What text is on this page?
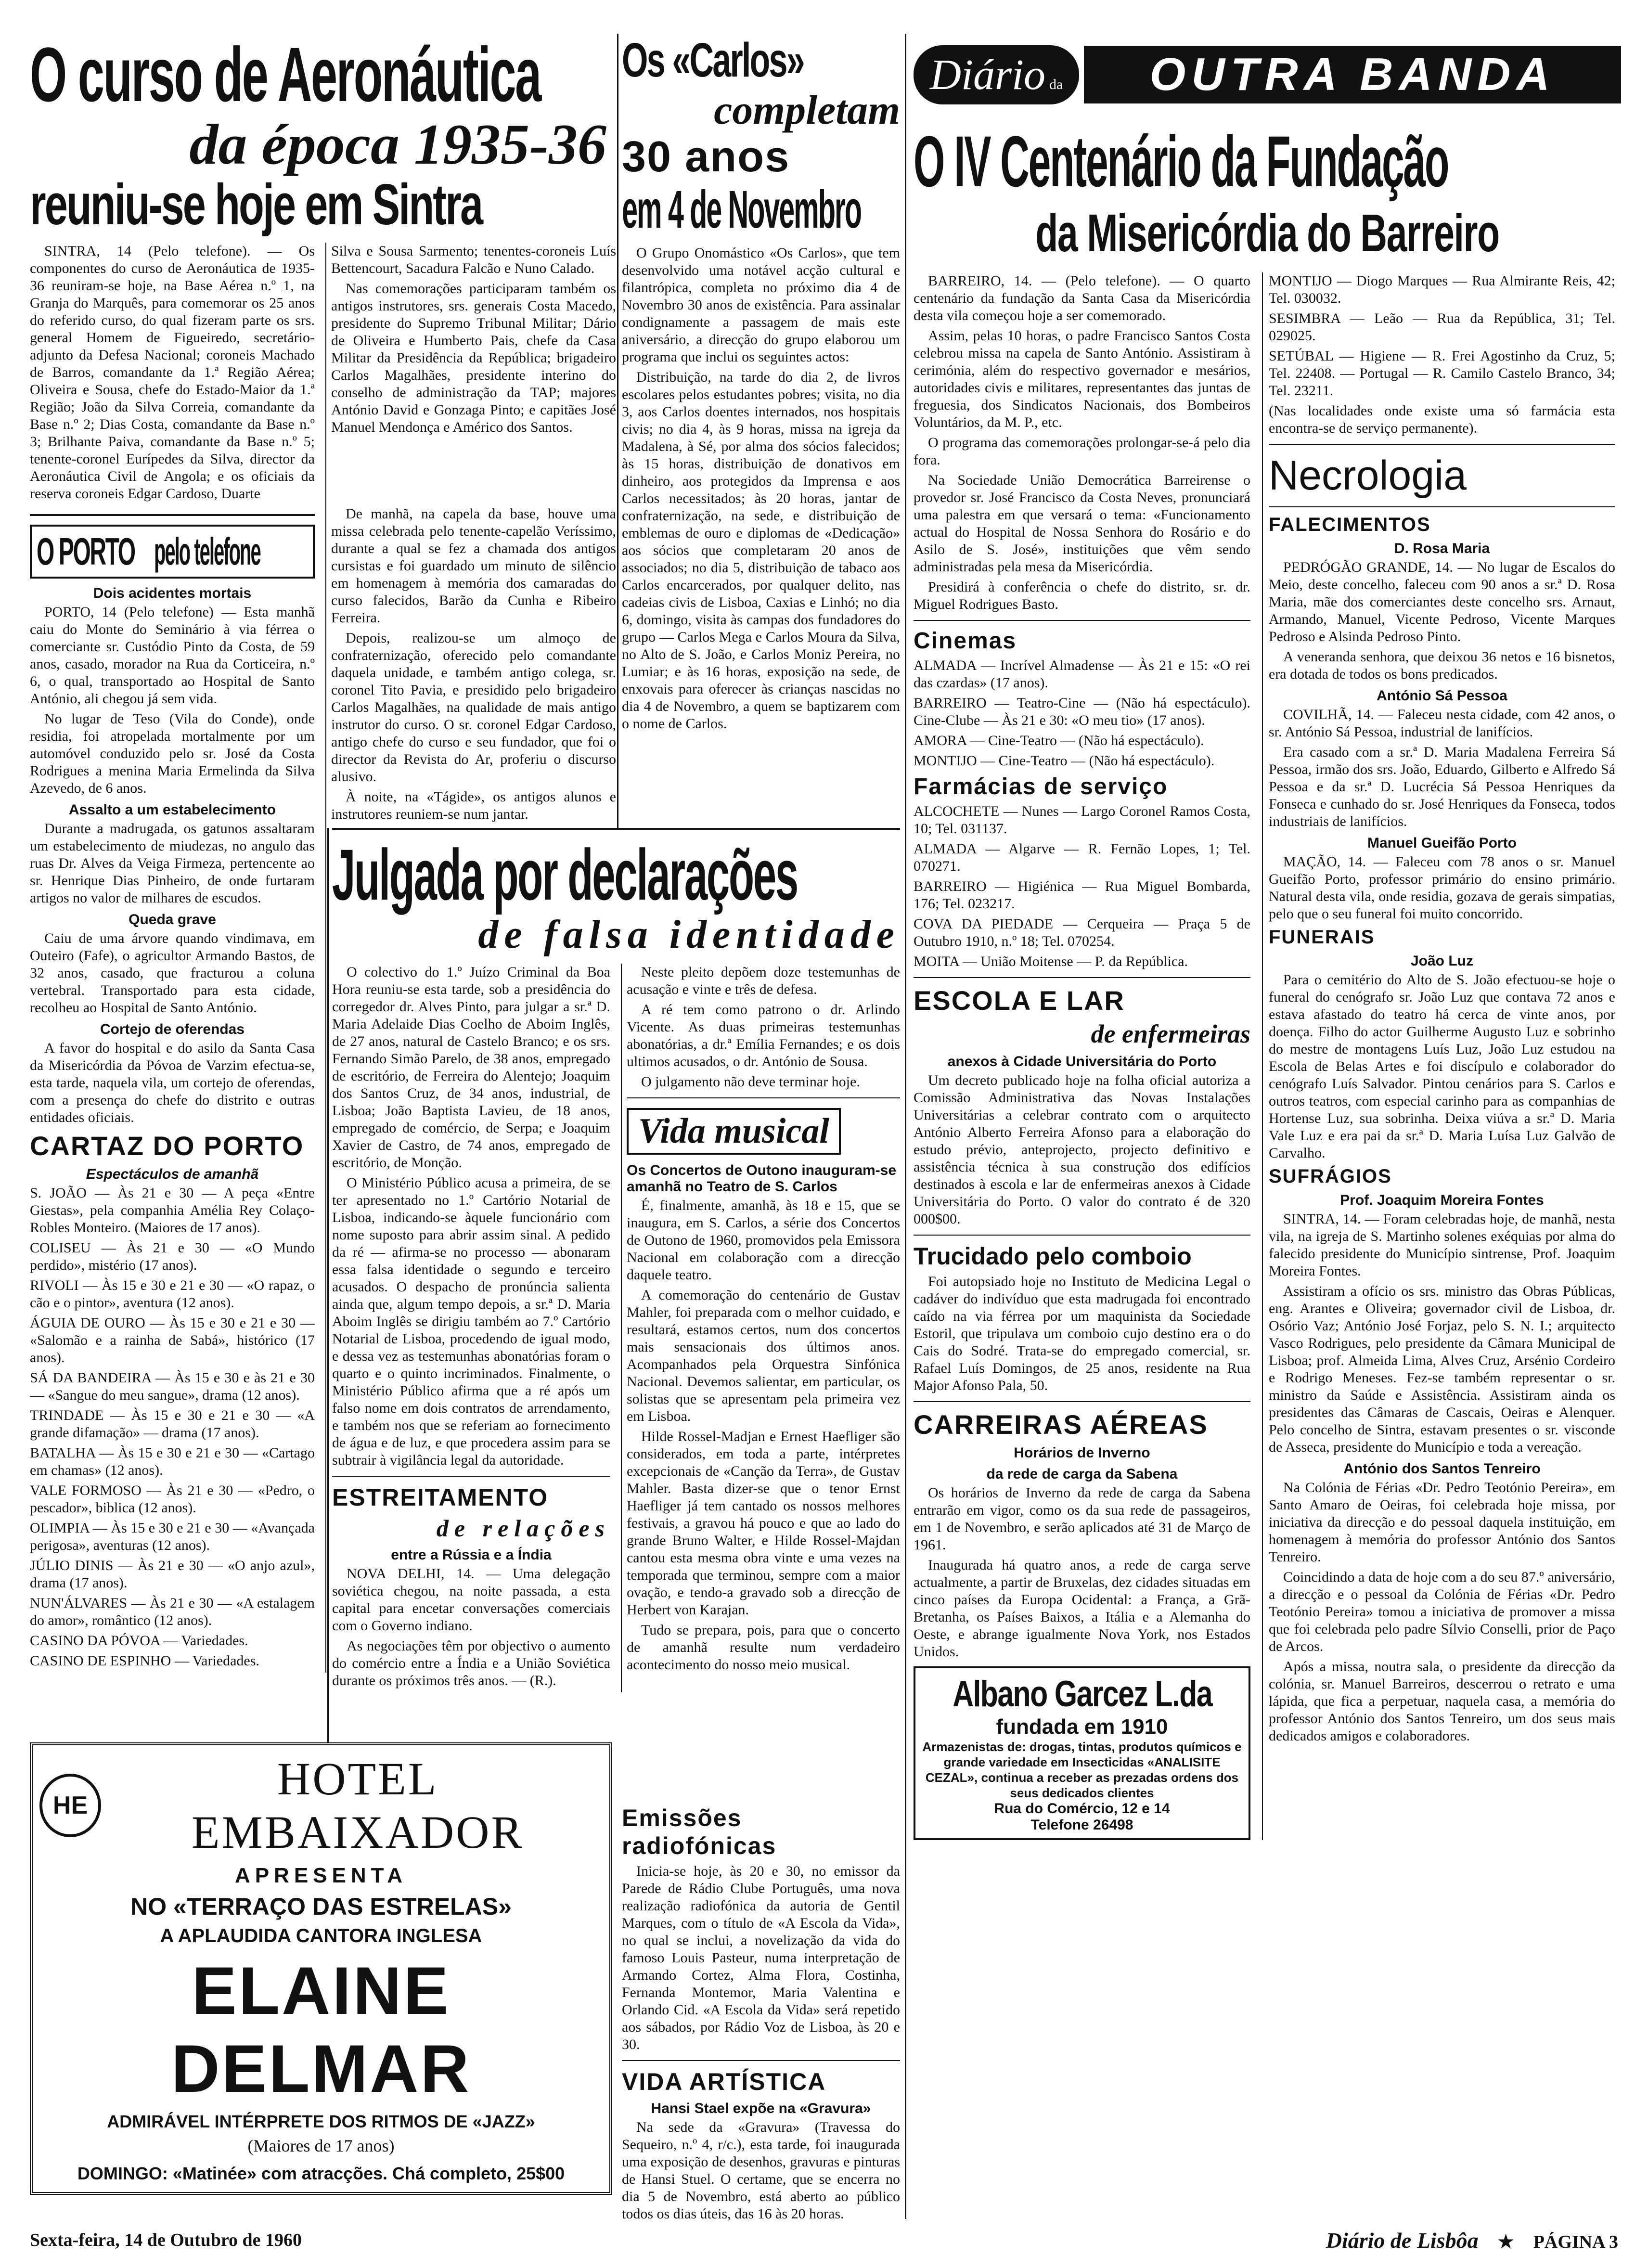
O curso de Aeronáutica
da época 1935-36
reuniu-se hoje em Sintra

SINTRA, 14 (Pelo telefone). — Os componentes do curso de Aeronáutica de 1935-36 reuniram-se hoje, na Base Aérea n.º 1, na Granja do Marquês, para comemorar os 25 anos do referido curso, do qual fizeram parte os srs. general Homem de Figueiredo, secretário-adjunto da Defesa Nacional; coroneis Machado de Barros, comandante da 1.ª Região Aérea; Oliveira e Sousa, chefe do Estado-Maior da 1.ª Região; João da Silva Correia, comandante da Base n.º 2; Dias Costa, comandante da Base n.º 3; Brilhante Paiva, comandante da Base n.º 5; tenente-coronel Eurípedes da Silva, director da Aeronáutica Civil de Angola; e os oficiais da reserva coroneis Edgar Cardoso, Duarte

Silva e Sousa Sarmento; tenentes-coroneis Luís Bettencourt, Sacadura Falcão e Nuno Calado.

Nas comemorações participaram também os antigos instrutores, srs. generais Costa Macedo, presidente do Supremo Tribunal Militar; Dário de Oliveira e Humberto Pais, chefe da Casa Militar da Presidência da República; brigadeiro Carlos Magalhães, presidente interino do conselho de administração da TAP; majores António David e Gonzaga Pinto; e capitães José Manuel Mendonça e Américo dos Santos.

O PORTO pelo telefone
Dois acidentes mortais

PORTO, 14 (Pelo telefone) — Esta manhã caiu do Monte do Seminário à via férrea o comerciante sr. Custódio Pinto da Costa, de 59 anos, casado, morador na Rua da Corticeira, n.º 6, o qual, transportado ao Hospital de Santo António, ali chegou já sem vida.

No lugar de Teso (Vila do Conde), onde residia, foi atropelada mortalmente por um automóvel conduzido pelo sr. José da Costa Rodrigues a menina Maria Ermelinda da Silva Azevedo, de 6 anos.

Assalto a um estabelecimento

Durante a madrugada, os gatunos assaltaram um estabelecimento de miudezas, no angulo das ruas Dr. Alves da Veiga Firmeza, pertencente ao sr. Henrique Dias Pinheiro, de onde furtaram artigos no valor de milhares de escudos.

Queda grave

Caiu de uma árvore quando vindimava, em Outeiro (Fafe), o agricultor Armando Bastos, de 32 anos, casado, que fracturou a coluna vertebral. Transportado para esta cidade, recolheu ao Hospital de Santo António.

Cortejo de oferendas

A favor do hospital e do asilo da Santa Casa da Misericórdia da Póvoa de Varzim efectua-se, esta tarde, naquela vila, um cortejo de oferendas, com a presença do chefe do distrito e outras entidades oficiais.

CARTAZ DO PORTO
Espectáculos de amanhã

S. JOÃO — Às 21 e 30 — A peça «Entre Giestas», pela companhia Amélia Rey Colaço-Robles Monteiro. (Maiores de 17 anos).

COLISEU — Às 21 e 30 — «O Mundo perdido», mistério (17 anos).

RIVOLI — Às 15 e 30 e 21 e 30 — «O rapaz, o cão e o pintor», aventura (12 anos).

ÁGUIA DE OURO — Às 15 e 30 e 21 e 30 — «Salomão e a rainha de Sabá», histórico (17 anos).

SÁ DA BANDEIRA — Às 15 e 30 e às 21 e 30 — «Sangue do meu sangue», drama (12 anos).

TRINDADE — Às 15 e 30 e 21 e 30 — «A grande difamação» — drama (17 anos).

BATALHA — Às 15 e 30 e 21 e 30 — «Cartago em chamas» (12 anos).

VALE FORMOSO — Às 21 e 30 — «Pedro, o pescador», biblica (12 anos).

OLIMPIA — Às 15 e 30 e 21 e 30 — «Avançada perigosa», aventuras (12 anos).

JÚLIO DINIS — Às 21 e 30 — «O anjo azul», drama (17 anos).

NUN'ÁLVARES — Às 21 e 30 — «A estalagem do amor», romântico (12 anos).

CASINO DA PÓVOA — Variedades.

CASINO DE ESPINHO — Variedades.

De manhã, na capela da base, houve uma missa celebrada pelo tenente-capelão Veríssimo, durante a qual se fez a chamada dos antigos cursistas e foi guardado um minuto de silêncio em homenagem à memória dos camaradas do curso falecidos, Barão da Cunha e Ribeiro Ferreira.

Depois, realizou-se um almoço de confraternização, oferecido pelo comandante daquela unidade, e também antigo colega, sr. coronel Tito Pavia, e presidido pelo brigadeiro Carlos Magalhães, na qualidade de mais antigo instrutor do curso. O sr. coronel Edgar Cardoso, antigo chefe do curso e seu fundador, que foi o director da Revista do Ar, proferiu o discurso alusivo.

À noite, na «Tágide», os antigos alunos e instrutores reuniem-se num jantar.

Julgada por declarações
de falsa identidade

O colectivo do 1.º Juízo Criminal da Boa Hora reuniu-se esta tarde, sob a presidência do corregedor dr. Alves Pinto, para julgar a sr.ª D. Maria Adelaide Dias Coelho de Aboim Inglês, de 27 anos, natural de Castelo Branco; e os srs. Fernando Simão Parelo, de 38 anos, empregado de escritório, de Ferreira do Alentejo; Joaquim dos Santos Cruz, de 34 anos, industrial, de Lisboa; João Baptista Lavieu, de 18 anos, empregado de comércio, de Serpa; e Joaquim Xavier de Castro, de 74 anos, empregado de escritório, de Monção.

O Ministério Público acusa a primeira, de se ter apresentado no 1.º Cartório Notarial de Lisboa, indicando-se àquele funcionário com nome suposto para abrir assim sinal. A pedido da ré — afirma-se no processo — abonaram essa falsa identidade o segundo e terceiro acusados. O despacho de pronúncia salienta ainda que, algum tempo depois, a sr.ª D. Maria Aboim Inglês se dirigiu também ao 7.º Cartório Notarial de Lisboa, procedendo de igual modo, e dessa vez as testemunhas abonatórias foram o quarto e o quinto incriminados. Finalmente, o Ministério Público afirma que a ré após um falso nome em dois contratos de arrendamento, e também nos que se referiam ao fornecimento de água e de luz, e que procedera assim para se subtrair à vigilância legal da autoridade.

ESTREITAMENTO
de relações
entre a Rússia e a Índia

NOVA DELHI, 14. — Uma delegação soviética chegou, na noite passada, a esta capital para encetar conversações comerciais com o Governo indiano.

As negociações têm por objectivo o aumento do comércio entre a Índia e a União Soviética durante os próximos três anos. — (R.).

Neste pleito depõem doze testemunhas de acusação e vinte e três de defesa.

A ré tem como patrono o dr. Arlindo Vicente. As duas primeiras testemunhas abonatórias, a dr.ª Emília Fernandes; e os dois ultimos acusados, o dr. António de Sousa.

O julgamento não deve terminar hoje.

Vida musical
Os Concertos de Outono inauguram-se amanhã no Teatro de S. Carlos

É, finalmente, amanhã, às 18 e 15, que se inaugura, em S. Carlos, a série dos Concertos de Outono de 1960, promovidos pela Emissora Nacional em colaboração com a direcção daquele teatro.

A comemoração do centenário de Gustav Mahler, foi preparada com o melhor cuidado, e resultará, estamos certos, num dos concertos mais sensacionais dos últimos anos. Acompanhados pela Orquestra Sinfónica Nacional. Devemos salientar, em particular, os solistas que se apresentam pela primeira vez em Lisboa.

Hilde Rossel-Madjan e Ernest Haefliger são considerados, em toda a parte, intérpretes excepcionais de «Canção da Terra», de Gustav Mahler. Basta dizer-se que o tenor Ernst Haefliger já tem cantado os nossos melhores festivais, a gravou há pouco e que ao lado do grande Bruno Walter, e Hilde Rossel-Majdan cantou esta mesma obra vinte e uma vezes na temporada que terminou, sempre com a maior ovação, e tendo-a gravado sob a direcção de Herbert von Karajan.

Tudo se prepara, pois, para que o concerto de amanhã resulte num verdadeiro acontecimento do nosso meio musical.

HE
HOTEL EMBAIXADOR
APRESENTA
NO «TERRAÇO DAS ESTRELAS»
A APLAUDIDA CANTORA INGLESA
ELAINE DELMAR
ADMIRÁVEL INTÉRPRETE DOS RITMOS DE «JAZZ»
(Maiores de 17 anos)
DOMINGO: «Matinée» com atracções. Chá completo, 25$00
Os «Carlos»
completam
30 anos
em 4 de Novembro

O Grupo Onomástico «Os Carlos», que tem desenvolvido uma notável acção cultural e filantrópica, completa no próximo dia 4 de Novembro 30 anos de existência. Para assinalar condignamente a passagem de mais este aniversário, a direcção do grupo elaborou um programa que inclui os seguintes actos:

Distribuição, na tarde do dia 2, de livros escolares pelos estudantes pobres; visita, no dia 3, aos Carlos doentes internados, nos hospitais civis; no dia 4, às 9 horas, missa na igreja da Madalena, à Sé, por alma dos sócios falecidos; às 15 horas, distribuição de donativos em dinheiro, aos protegidos da Imprensa e aos Carlos necessitados; às 20 horas, jantar de confraternização, na sede, e distribuição de emblemas de ouro e diplomas de «Dedicação» aos sócios que completaram 20 anos de associados; no dia 5, distribuição de tabaco aos Carlos encarcerados, por qualquer delito, nas cadeias civis de Lisboa, Caxias e Linhó; no dia 6, domingo, visita às campas dos fundadores do grupo — Carlos Mega e Carlos Moura da Silva, no Alto de S. João, e Carlos Moniz Pereira, no Lumiar; e às 16 horas, exposição na sede, de enxovais para oferecer às crianças nascidas no dia 4 de Novembro, a quem se baptizarem com o nome de Carlos.

Emissões radiofónicas

Inicia-se hoje, às 20 e 30, no emissor da Parede de Rádio Clube Português, uma nova realização radiofónica da autoria de Gentil Marques, com o título de «A Escola da Vida», no qual se inclui, a novelização da vida do famoso Louis Pasteur, numa interpretação de Armando Cortez, Alma Flora, Costinha, Fernanda Montemor, Maria Valentina e Orlando Cid. «A Escola da Vida» será repetido aos sábados, por Rádio Voz de Lisboa, às 20 e 30.

VIDA ARTÍSTICA
Hansi Stael expõe na «Gravura»

Na sede da «Gravura» (Travessa do Sequeiro, n.º 4, r/c.), esta tarde, foi inaugurada uma exposição de desenhos, gravuras e pinturas de Hansi Stuel. O certame, que se encerra no dia 5 de Novembro, está aberto ao público todos os dias úteis, das 16 às 20 horas.

Diário da OUTRA BANDA
O IV Centenário da Fundação
da Misericórdia do Barreiro

BARREIRO, 14. — (Pelo telefone). — O quarto centenário da fundação da Santa Casa da Misericórdia desta vila começou hoje a ser comemorado.

Assim, pelas 10 horas, o padre Francisco Santos Costa celebrou missa na capela de Santo António. Assistiram à cerimónia, além do respectivo governador e mesários, autoridades civis e militares, representantes das juntas de freguesia, dos Sindicatos Nacionais, dos Bombeiros Voluntários, da M. P., etc.

O programa das comemorações prolongar-se-á pelo dia fora.

Na Sociedade União Democrática Barreirense o provedor sr. José Francisco da Costa Neves, pronunciará uma palestra em que versará o tema: «Funcionamento actual do Hospital de Nossa Senhora do Rosário e do Asilo de S. José», instituições que vêm sendo administradas pela mesa da Misericórdia.

Presidirá à conferência o chefe do distrito, sr. dr. Miguel Rodrigues Basto.

Cinemas

ALMADA — Incrível Almadense — Às 21 e 15: «O rei das czardas» (17 anos).

BARREIRO — Teatro-Cine — (Não há espectáculo). Cine-Clube — Às 21 e 30: «O meu tio» (17 anos).

AMORA — Cine-Teatro — (Não há espectáculo).

MONTIJO — Cine-Teatro — (Não há espectáculo).

Farmácias de serviço

ALCOCHETE — Nunes — Largo Coronel Ramos Costa, 10; Tel. 031137.

ALMADA — Algarve — R. Fernão Lopes, 1; Tel. 070271.

BARREIRO — Higiénica — Rua Miguel Bombarda, 176; Tel. 023217.

COVA DA PIEDADE — Cerqueira — Praça 5 de Outubro 1910, n.º 18; Tel. 070254.

MOITA — União Moitense — P. da República.

ESCOLA E LAR
de enfermeiras
anexos à Cidade Universitária do Porto

Um decreto publicado hoje na folha oficial autoriza a Comissão Administrativa das Novas Instalações Universitárias a celebrar contrato com o arquitecto António Alberto Ferreira Afonso para a elaboração do estudo prévio, anteprojecto, projecto definitivo e assistência técnica à sua construção dos edifícios destinados à escola e lar de enfermeiras anexos à Cidade Universitária do Porto. O valor do contrato é de 320 000$00.

Trucidado pelo comboio

Foi autopsiado hoje no Instituto de Medicina Legal o cadáver do indivíduo que esta madrugada foi encontrado caído na via férrea por um maquinista da Sociedade Estoril, que tripulava um comboio cujo destino era o do Cais do Sodré. Trata-se do empregado comercial, sr. Rafael Luís Domingos, de 25 anos, residente na Rua Major Afonso Pala, 50.

CARREIRAS AÉREAS
Horários de Inverno
da rede de carga da Sabena

Os horários de Inverno da rede de carga da Sabena entrarão em vigor, como os da sua rede de passageiros, em 1 de Novembro, e serão aplicados até 31 de Março de 1961.

Inaugurada há quatro anos, a rede de carga serve actualmente, a partir de Bruxelas, dez cidades situadas em cinco países da Europa Ocidental: a França, a Grã-Bretanha, os Países Baixos, a Itália e a Alemanha do Oeste, e abrange igualmente Nova York, nos Estados Unidos.

Albano Garcez L.da
fundada em 1910
Armazenistas de: drogas, tintas, produtos químicos e grande variedade em Insecticidas «ANALISITE CEZAL», continua a receber as prezadas ordens dos seus dedicados clientes
Rua do Comércio, 12 e 14
Telefone 26498

MONTIJO — Diogo Marques — Rua Almirante Reis, 42; Tel. 030032.

SESIMBRA — Leão — Rua da República, 31; Tel. 029025.

SETÚBAL — Higiene — R. Frei Agostinho da Cruz, 5; Tel. 22408. — Portugal — R. Camilo Castelo Branco, 34; Tel. 23211.

(Nas localidades onde existe uma só farmácia esta encontra-se de serviço permanente).

Necrologia
FALECIMENTOS
D. Rosa Maria

PEDRÓGÃO GRANDE, 14. — No lugar de Escalos do Meio, deste concelho, faleceu com 90 anos a sr.ª D. Rosa Maria, mãe dos comerciantes deste concelho srs. Arnaut, Armando, Manuel, Vicente Pedroso, Vicente Marques Pedroso e Alsinda Pedroso Pinto.

A veneranda senhora, que deixou 36 netos e 16 bisnetos, era dotada de todos os bons predicados.

António Sá Pessoa

COVILHÃ, 14. — Faleceu nesta cidade, com 42 anos, o sr. António Sá Pessoa, industrial de lanifícios.

Era casado com a sr.ª D. Maria Madalena Ferreira Sá Pessoa, irmão dos srs. João, Eduardo, Gilberto e Alfredo Sá Pessoa e da sr.ª D. Lucrécia Sá Pessoa Henriques da Fonseca e cunhado do sr. José Henriques da Fonseca, todos industriais de lanifícios.

Manuel Gueifão Porto

MAÇÃO, 14. — Faleceu com 78 anos o sr. Manuel Gueifão Porto, professor primário do ensino primário. Natural desta vila, onde residia, gozava de gerais simpatias, pelo que o seu funeral foi muito concorrido.

FUNERAIS
João Luz

Para o cemitério do Alto de S. João efectuou-se hoje o funeral do cenógrafo sr. João Luz que contava 72 anos e estava afastado do teatro há cerca de vinte anos, por doença. Filho do actor Guilherme Augusto Luz e sobrinho do mestre de montagens Luís Luz, João Luz estudou na Escola de Belas Artes e foi discípulo e colaborador do cenógrafo Luís Salvador. Pintou cenários para S. Carlos e outros teatros, com especial carinho para as companhias de Hortense Luz, sua sobrinha. Deixa viúva a sr.ª D. Maria Vale Luz e era pai da sr.ª D. Maria Luísa Luz Galvão de Carvalho.

SUFRÁGIOS
Prof. Joaquim Moreira Fontes

SINTRA, 14. — Foram celebradas hoje, de manhã, nesta vila, na igreja de S. Martinho solenes exéquias por alma do falecido presidente do Município sintrense, Prof. Joaquim Moreira Fontes.

Assistiram a ofício os srs. ministro das Obras Públicas, eng. Arantes e Oliveira; governador civil de Lisboa, dr. Osório Vaz; António José Forjaz, pelo S. N. I.; arquitecto Vasco Rodrigues, pelo presidente da Câmara Municipal de Lisboa; prof. Almeida Lima, Alves Cruz, Arsénio Cordeiro e Rodrigo Meneses. Fez-se também representar o sr. ministro da Saúde e Assistência. Assistiram ainda os presidentes das Câmaras de Cascais, Oeiras e Alenquer. Pelo concelho de Sintra, estavam presentes o sr. visconde de Asseca, presidente do Município e toda a vereação.

António dos Santos Tenreiro

Na Colónia de Férias «Dr. Pedro Teotónio Pereira», em Santo Amaro de Oeiras, foi celebrada hoje missa, por iniciativa da direcção e do pessoal daquela instituição, em homenagem à memória do professor António dos Santos Tenreiro.

Coincidindo a data de hoje com a do seu 87.º aniversário, a direcção e o pessoal da Colónia de Férias «Dr. Pedro Teotónio Pereira» tomou a iniciativa de promover a missa que foi celebrada pelo padre Sílvio Conselli, prior de Paço de Arcos.

Após a missa, noutra sala, o presidente da direcção da colónia, sr. Manuel Barreiros, descerrou o retrato e uma lápida, que fica a perpetuar, naquela casa, a memória do professor António dos Santos Tenreiro, um dos seus mais dedicados amigos e colaboradores.

Sexta-feira, 14 de Outubro de 1960	Diário de Lisbôa ★ PÁGINA 3
